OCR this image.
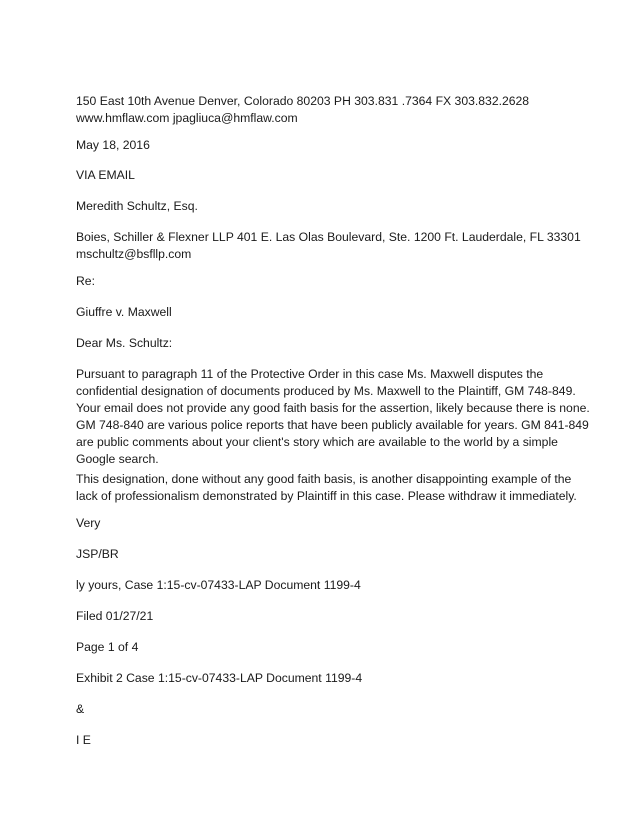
150 East 10th Avenue Denver, Colorado 80203 PH 303.831 .7364 FX 303.832.2628
www.hmflaw.com jpagliuca@hmflaw.com

May 18, 2016

VIA EMAIL

Meredith Schultz, Esq.

Boies, Schiller & Flexner LLP 401 E. Las Olas Boulevard, Ste. 1200 Ft. Lauderdale, FL 33301
mschultz@bsfllp.com

Re:

Giuffre v. Maxwell

Dear Ms. Schultz:

Pursuant to paragraph 11 of the Protective Order in this case Ms. Maxwell disputes the
confidential designation of documents produced by Ms. Maxwell to the Plaintiff, GM 748-849.
Your email does not provide any good faith basis for the assertion, likely because there is none.
GM 748-840 are various police reports that have been publicly available for years. GM 841-849
are public comments about your client's story which are available to the world by a simple
Google search.

This designation, done without any good faith basis, is another disappointing example of the
lack of professionalism demonstrated by Plaintiff in this case. Please withdraw it immediately.

Very

JSP/BR

ly yours, Case 1:15-cv-07433-LAP Document 1199-4

Filed 01/27/21

Page 1 of 4

Exhibit 2 Case 1:15-cv-07433-LAP Document 1199-4

&

I E
